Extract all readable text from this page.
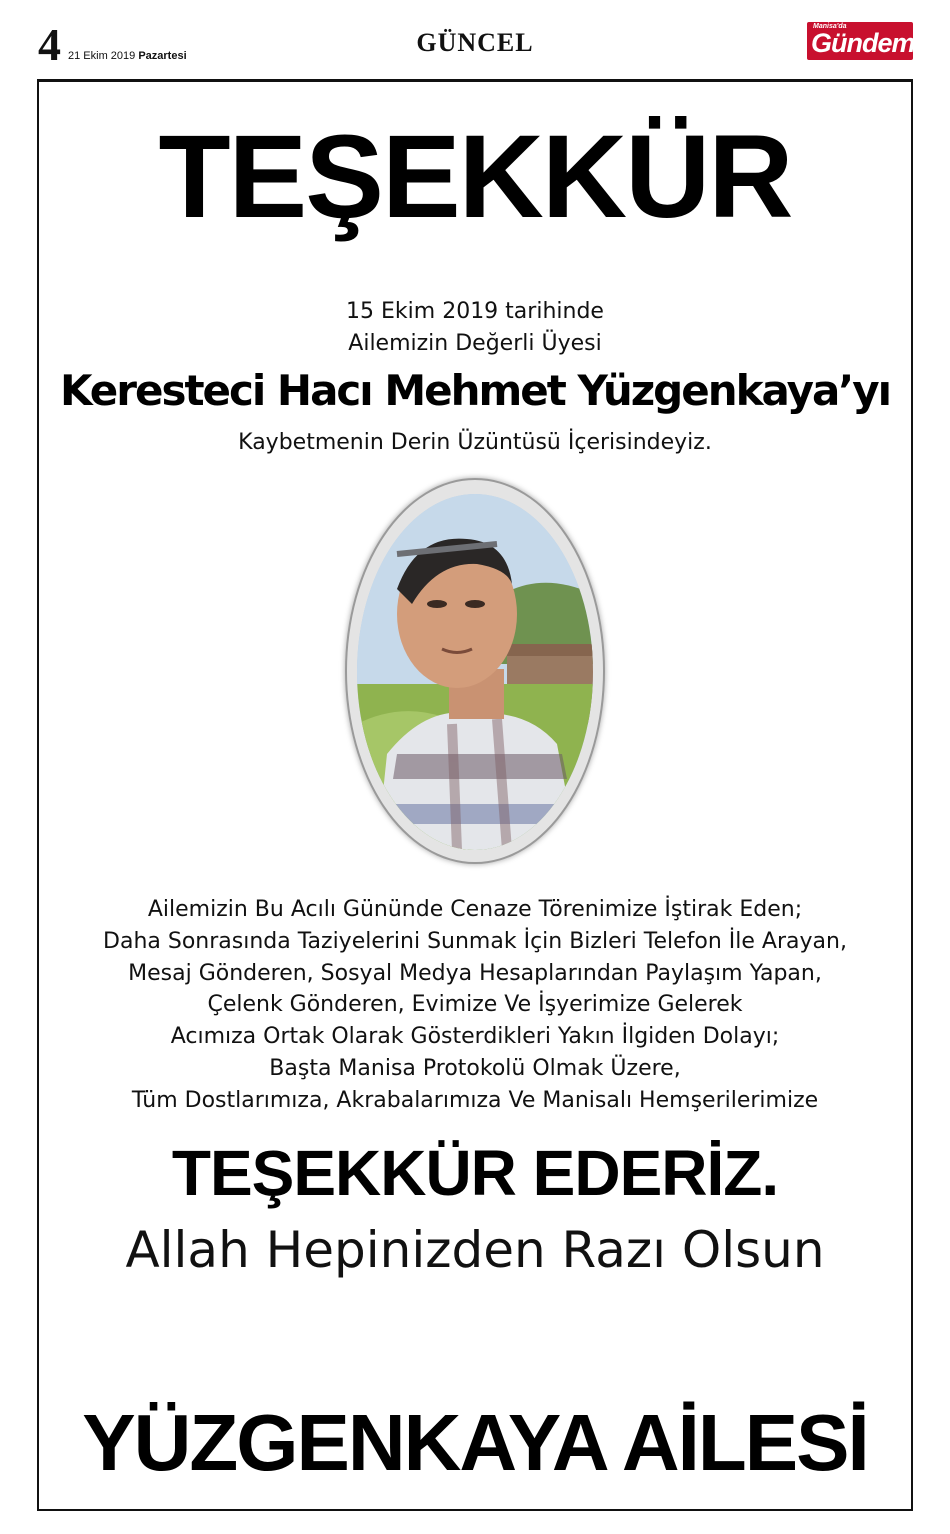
4 21 Ekim 2019 Pazartesi	GÜNCEL
Manisa'da
Gündem
TEŞEKKÜR
15 Ekim 2019 tarihinde
Ailemizin Değerli Üyesi
Keresteci Hacı Mehmet Yüzgenkaya’yı
Kaybetmenin Derin Üzüntüsü İçerisindeyiz.
Ailemizin Bu Acılı Gününde Cenaze Törenimize İştirak Eden;
Daha Sonrasında Taziyelerini Sunmak İçin Bizleri Telefon İle Arayan,
Mesaj Gönderen, Sosyal Medya Hesaplarından Paylaşım Yapan,
Çelenk Gönderen, Evimize Ve İşyerimize Gelerek
Acımıza Ortak Olarak Gösterdikleri Yakın İlgiden Dolayı;
Başta Manisa Protokolü Olmak Üzere,
Tüm Dostlarımıza, Akrabalarımıza Ve Manisalı Hemşerilerimize
TEŞEKKÜR EDERİZ.
Allah Hepinizden Razı Olsun
YÜZGENKAYA AİLESİ
